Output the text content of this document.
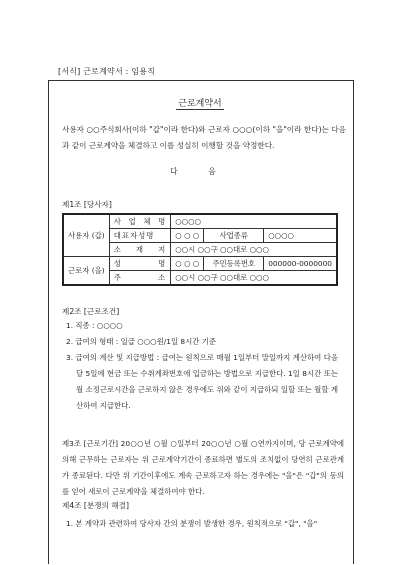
[서식] 근로계약서 : 임용직
근로계약서
사용자 ○○주식회사(이하 "갑"이라 한다)와 근로자 ○○○(이하 "을"이라 한다)는 다음과 같이 근로계약을 체결하고 이를 성실히 이행할 것을 약정한다.
다 음
제1조 [당사자]
사용자 (갑)	사 업 체 명	○○○○		
	대표자성명	○ ○ ○	사업종류	○○○○
	소 재 지	○○시 ○○구 ○○대로 ○○○		
근로자 (을)	성 명	○ ○ ○	주민등록번호	000000-0000000
	주 소	○○시 ○○구 ○○대로 ○○○		
제2조 [근로조건]
1. 직종 : ○○○○
2. 급여의 형태 : 일급 ○○○원/1일 8시간 기준
3. 급여의 계산 및 지급방법 : 급여는 원칙으로 매월 1일부터 말일까지 계산하여 다음달 5일에 현금 또는 수취계좌번호에 입금하는 방법으로 지급한다. 1일 8시간 또는 월 소정근로시간을 근로하지 않은 경우에도 위와 같이 지급하되 일할 또는 월할 계산하여 지급한다.
제3조 [근로기간] 20○○년 ○월 ○일부터 20○○년 ○월 ○연까지이며, 당 근로계약에 의해 근무하는 근로자는 위 근로계약기간이 종료하면 별도의 조치없이 당연히 근로관계가 종료된다. 다만 위 기간이후에도 계속 근로하고자 하는 경우에는 "을"은 "갑"의 동의를 얻어 새로이 근로계약을 체결하여야 한다.
제4조 [분쟁의 해결]
1. 본 계약과 관련하여 당사자 간의 분쟁이 발생한 경우, 원칙적으로 "갑", "을"
